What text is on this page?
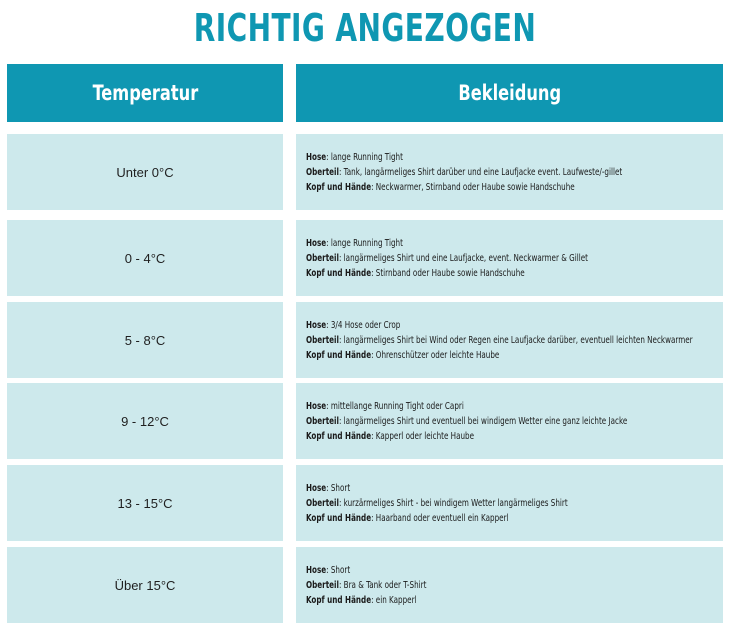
RICHTIG ANGEZOGEN
Temperatur	Bekleidung
Unter 0°C
Hose: lange Running Tight
Oberteil: Tank, langärmeliges Shirt darüber und eine Laufjacke event. Laufweste/-gillet
Kopf und Hände: Neckwarmer, Stirnband oder Haube sowie Handschuhe
0 - 4°C
Hose: lange Running Tight
Oberteil: langärmeliges Shirt und eine Laufjacke, event. Neckwarmer & Gillet
Kopf und Hände: Stirnband oder Haube sowie Handschuhe
5 - 8°C
Hose: 3/4 Hose oder Crop
Oberteil: langärmeliges Shirt bei Wind oder Regen eine Laufjacke darüber, eventuell leichten Neckwarmer
Kopf und Hände: Ohrenschützer oder leichte Haube
9 - 12°C
Hose: mittellange Running Tight oder Capri
Oberteil: langärmeliges Shirt und eventuell bei windigem Wetter eine ganz leichte Jacke
Kopf und Hände: Kapperl oder leichte Haube
13 - 15°C
Hose: Short
Oberteil: kurzärmeliges Shirt - bei windigem Wetter langärmeliges Shirt
Kopf und Hände: Haarband oder eventuell ein Kapperl
Über 15°C
Hose: Short
Oberteil: Bra & Tank oder T-Shirt
Kopf und Hände: ein Kapperl
